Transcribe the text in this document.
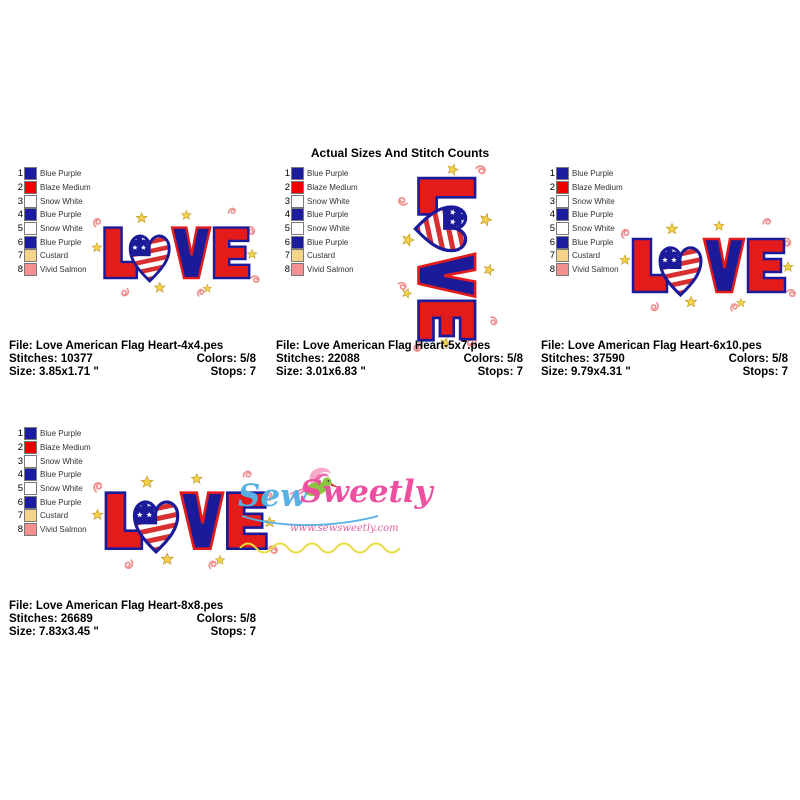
Actual Sizes And Stitch Counts
1 Blue Purple
2 Blaze Medium
3 Snow White
4 Blue Purple
5 Snow White
6 Blue Purple
7 Custard
8 Vivid Salmon
1 Blue Purple
2 Blaze Medium
3 Snow White
4 Blue Purple
5 Snow White
6 Blue Purple
7 Custard
8 Vivid Salmon
1 Blue Purple
2 Blaze Medium
3 Snow White
4 Blue Purple
5 Snow White
6 Blue Purple
7 Custard
8 Vivid Salmon
1 Blue Purple
2 Blaze Medium
3 Snow White
4 Blue Purple
5 Snow White
6 Blue Purple
7 Custard
8 Vivid Salmon
Sew
Sweetly
www.sewsweetly.com
File: Love American Flag Heart-4x4.pes
Stitches: 10377	Colors: 5/8
Size: 3.85x1.71 "	Stops: 7
File: Love American Flag Heart-5x7.pes
Stitches: 22088	Colors: 5/8
Size: 3.01x6.83 "	Stops: 7
File: Love American Flag Heart-6x10.pes
Stitches: 37590	Colors: 5/8
Size: 9.79x4.31 "	Stops: 7
File: Love American Flag Heart-8x8.pes
Stitches: 26689	Colors: 5/8
Size: 7.83x3.45 "	Stops: 7
